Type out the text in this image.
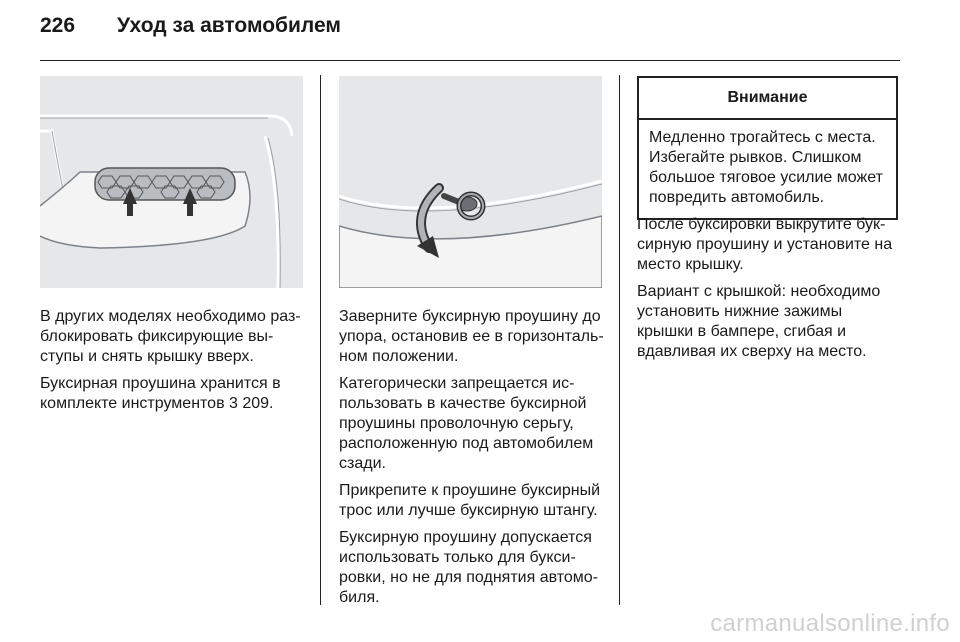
226 Уход за автомобилем

В других моделях необходимо раз- блокировать фиксирующие вы- ступы и снять крышку вверх.

Буксирная проушина хранится в комплекте инструментов 3 209.

Заверните буксирную проушину до упора, остановив ее в горизонталь- ном положении.

Категорически запрещается ис- пользовать в качестве буксирной проушины проволочную серьгу, расположенную под автомобилем сзади.

Прикрепите к проушине буксирный трос или лучше буксирную штангу.

Буксирную проушину допускается использовать только для букси- ровки, но не для поднятия автомо- биля.

Внимание
Медленно трогайтесь с места. Избегайте рывков. Слишком большое тяговое усилие может повредить автомобиль.

После буксировки выкрутите бук- сирную проушину и установите на место крышку.

Вариант с крышкой: необходимо установить нижние зажимы крышки в бампере, сгибая и вдавливая их сверху на место.

carmanualsonline.info
